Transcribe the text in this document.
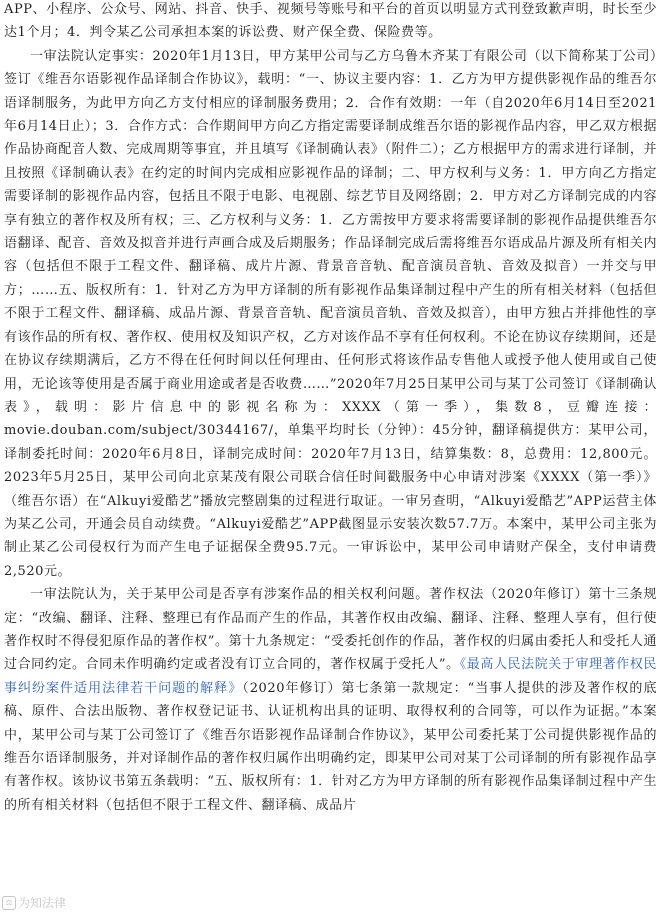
APP、小程序、公众号、网站、抖音、快手、视频号等账号和平台的首页以明显方式刊登致歉声明，时长至少达1个月；4．判令某乙公司承担本案的诉讼费、财产保全费、保险费等。

一审法院认定事实：2020年1月13日，甲方某甲公司与乙方乌鲁木齐某丁有限公司（以下简称某丁公司）签订《维吾尔语影视作品译制合作协议》，载明：“一、协议主要内容：1．乙方为甲方提供影视作品的维吾尔语译制服务，为此甲方向乙方支付相应的译制服务费用；2．合作有效期：一年（自2020年6月14日至2021年6月14日止）；3．合作方式：合作期间甲方向乙方指定需要译制成维吾尔语的影视作品内容，甲乙双方根据作品协商配音人数、完成周期等事宜，并且填写《译制确认表》（附件二）；乙方根据甲方的需求进行译制，并且按照《译制确认表》在约定的时间内完成相应影视作品的译制；二、甲方权利与义务：1．甲方向乙方指定需要译制的影视作品内容，包括且不限于电影、电视剧、综艺节目及网络剧；2．甲方对乙方译制完成的内容享有独立的著作权及所有权；三、乙方权利与义务：1．乙方需按甲方要求将需要译制的影视作品提供维吾尔语翻译、配音、音效及拟音并进行声画合成及后期服务；作品译制完成后需将维吾尔语成品片源及所有相关内容（包括但不限于工程文件、翻译稿、成片片源、背景音音轨、配音演员音轨、音效及拟音）一并交与甲方；……五、版权所有：1．针对乙方为甲方译制的所有影视作品集译制过程中产生的所有相关材料（包括但不限于工程文件、翻译稿、成品片源、背景音音轨、配音演员音轨、音效及拟音），由甲方独占并排他性的享有该作品的所有权、著作权、使用权及知识产权，乙方对该作品不享有任何权利。不论在协议存续期间，还是在协议存续期满后，乙方不得在任何时间以任何理由、任何形式将该作品专售他人或授予他人使用或自己使用，无论该等使用是否属于商业用途或者是否收费……”2020年7月25日某甲公司与某丁公司签订《译制确认表》，载明：影片信息中的影视名称为：XXXX（第一季），集数8，豆瓣连接：movie.douban.com/subject/30344167/，单集平均时长（分钟）：45分钟，翻译稿提供方：某甲公司，译制委托时间：2020年6月8日，译制完成时间：2020年7月13日，结算集数：8，总费用：12,800元。2023年5月25日，某甲公司向北京某茂有限公司联合信任时间戳服务中心申请对涉案《XXXX（第一季）》（维吾尔语）在“Alkuyi爱酷艺”播放完整剧集的过程进行取证。一审另查明，“Alkuyi爱酷艺”APP运营主体为某乙公司，开通会员自动续费。“Alkuyi爱酷艺”APP截图显示安装次数57.7万。本案中，某甲公司主张为制止某乙公司侵权行为而产生电子证据保全费95.7元。一审诉讼中，某甲公司申请财产保全，支付申请费2,520元。

一审法院认为，关于某甲公司是否享有涉案作品的相关权利问题。著作权法（2020年修订）第十三条规定：“改编、翻译、注释、整理已有作品而产生的作品，其著作权由改编、翻译、注释、整理人享有，但行使著作权时不得侵犯原作品的著作权”。第十九条规定：“受委托创作的作品，著作权的归属由委托人和受托人通过合同约定。合同未作明确约定或者没有订立合同的，著作权属于受托人”。《最高人民法院关于审理著作权民事纠纷案件适用法律若干问题的解释》（2020年修订）第七条第一款规定：“当事人提供的涉及著作权的底稿、原件、合法出版物、著作权登记证书、认证机构出具的证明、取得权利的合同等，可以作为证据。”本案中，某甲公司与某丁公司签订了《维吾尔语影视作品译制合作协议》，某甲公司委托某丁公司提供影视作品的维吾尔语译制服务，并对译制作品的著作权归属作出明确约定，即某甲公司对某丁公司译制的所有影视作品享有著作权。该协议书第五条载明：“五、版权所有：1．针对乙方为甲方译制的所有影视作品集译制过程中产生的所有相关材料（包括但不限于工程文件、翻译稿、成品片

⚖ 为知法律
